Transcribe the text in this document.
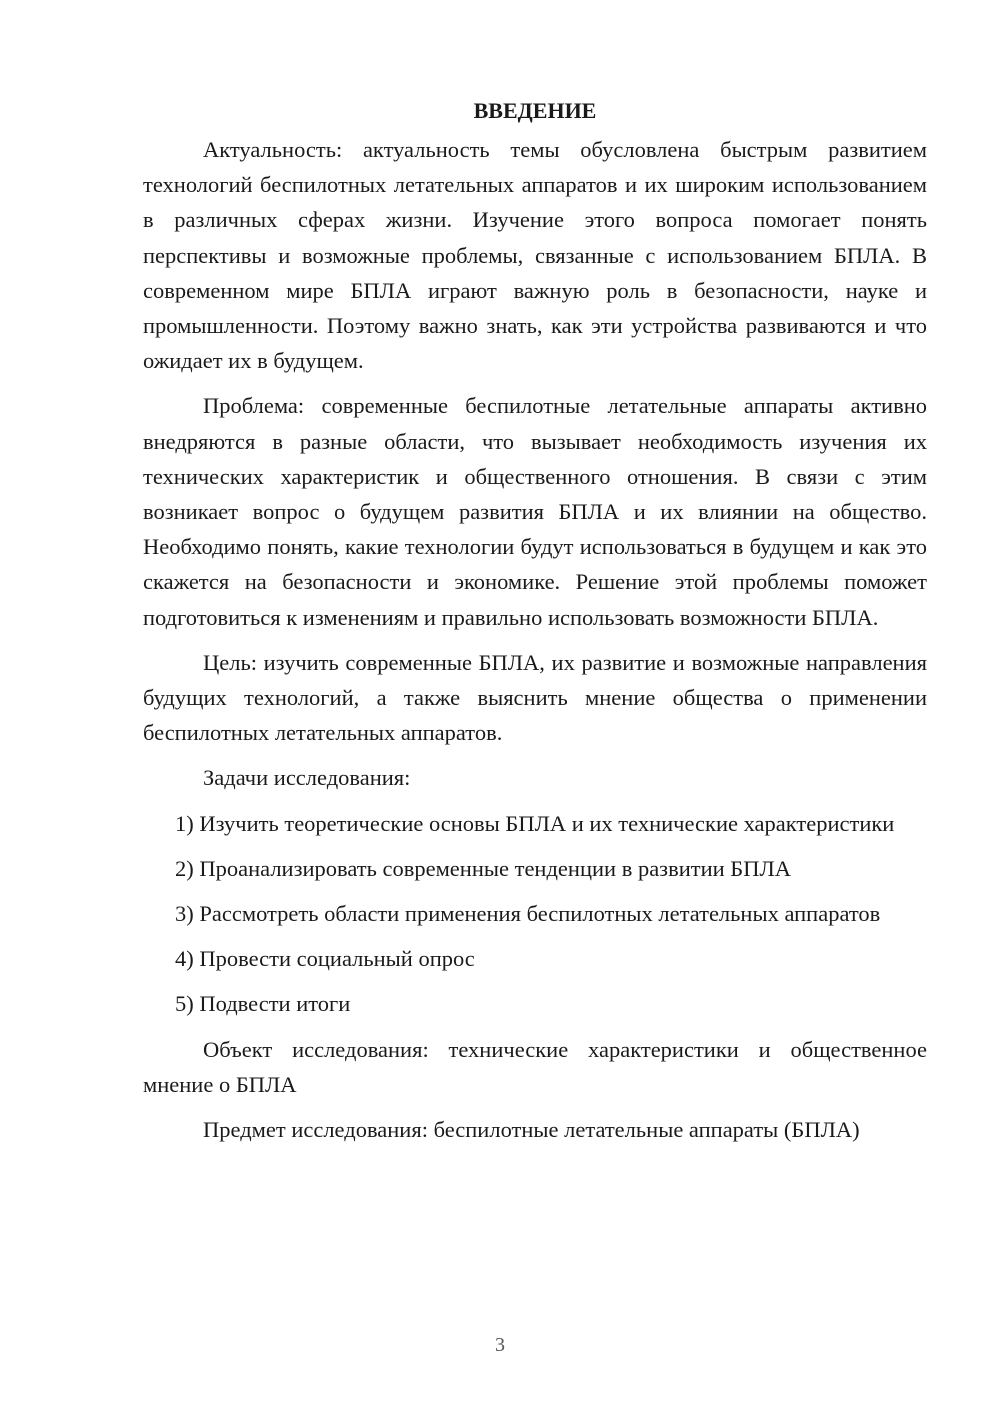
ВВЕДЕНИЕ

Актуальность: актуальность темы обусловлена быстрым развитием технологий беспилотных летательных аппаратов и их широким использованием в различных сферах жизни. Изучение этого вопроса помогает понять перспективы и возможные проблемы, связанные с использованием БПЛА. В современном мире БПЛА играют важную роль в безопасности, науке и промышленности. Поэтому важно знать, как эти устройства развиваются и что ожидает их в будущем.

Проблема: современные беспилотные летательные аппараты активно внедряются в разные области, что вызывает необходимость изучения их технических характеристик и общественного отношения. В связи с этим возникает вопрос о будущем развития БПЛА и их влиянии на общество. Необходимо понять, какие технологии будут использоваться в будущем и как это скажется на безопасности и экономике. Решение этой проблемы поможет подготовиться к изменениям и правильно использовать возможности БПЛА.

Цель: изучить современные БПЛА, их развитие и возможные направления будущих технологий, а также выяснить мнение общества о применении беспилотных летательных аппаратов.

Задачи исследования:

1) Изучить теоретические основы БПЛА и их технические характеристики

2) Проанализировать современные тенденции в развитии БПЛА

3) Рассмотреть области применения беспилотных летательных аппаратов

4) Провести социальный опрос

5) Подвести итоги

Объект исследования: технические характеристики и общественное мнение о БПЛА

Предмет исследования: беспилотные летательные аппараты (БПЛА)

3
